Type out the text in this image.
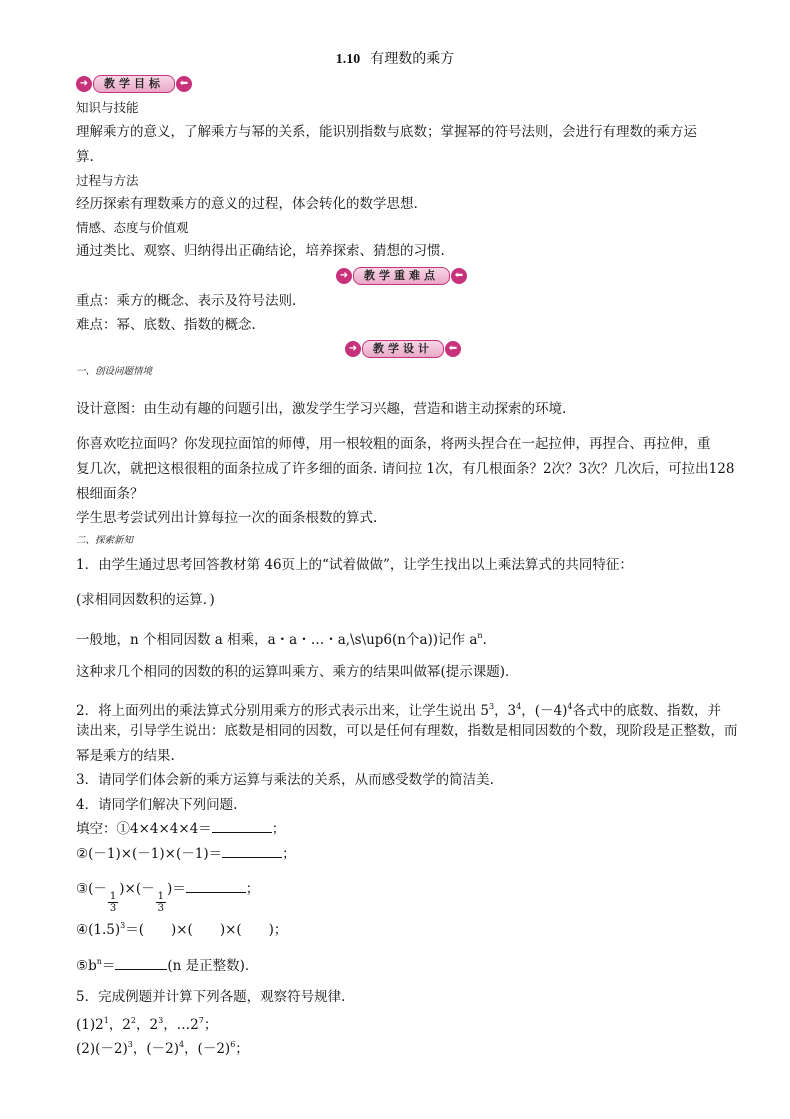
1.10 有理数的乘方
➜	教学目标	⬅
知识与技能
理解乘方的意义，了解乘方与幂的关系，能识别指数与底数；掌握幂的符号法则，会进行有理数的乘方运
算.
过程与方法
经历探索有理数乘方的意义的过程，体会转化的数学思想.
情感、态度与价值观
通过类比、观察、归纳得出正确结论，培养探索、猜想的习惯.
➜	教学重难点	⬅
重点：乘方的概念、表示及符号法则.
难点：幂、底数、指数的概念.
➜	教学设计	⬅
一、创设问题情境
设计意图：由生动有趣的问题引出，激发学生学习兴趣，营造和谐主动探索的环境.
你喜欢吃拉面吗？你发现拉面馆的师傅，用一根较粗的面条，将两头捏合在一起拉伸，再捏合、再拉伸，重
复几次，就把这根很粗的面条拉成了许多细的面条. 请问拉 1次，有几根面条？2次？3次？几次后，可拉出128
根细面条？
学生思考尝试列出计算每拉一次的面条根数的算式.
二、探索新知
1．由学生通过思考回答教材第 46页上的“试着做做”，让学生找出以上乘法算式的共同特征：
(求相同因数积的运算．)
一般地，n 个相同因数 a 相乘，a・a・…・a,\s\up6(n个a))记作 $a^n$.
这种求几个相同的因数的积的运算叫乘方、乘方的结果叫做幂(提示课题)．
2．将上面列出的乘法算式分别用乘方的形式表示出来，让学生说出 $5^3$，$3^4$，$(-4)^4$各式中的底数、指数，并
读出来，引导学生说出：底数是相同的因数，可以是任何有理数，指数是相同因数的个数，现阶段是正整数，而
幂是乘方的结果.
3．请同学们体会新的乘方运算与乘法的关系，从而感受数学的简洁美.
4．请同学们解决下列问题.
填空：①4×4×4×4＝	；
②(－1)×(－1)×(－1)＝	；
③(－
$\frac{1}{3}$
)×(－
$\frac{1}{3}$
)＝	；
$④(1.5)^3=$(　　)×(　　)×(　　)；
$⑤b^n=$	(n 是正整数)．
5．完成例题并计算下列各题，观察符号规律.
$(1)2^1$，$2^2$，$2^3$，$\dots 2^7$；
$(2)(-2)^3$，$(-2)^4$，$(-2)^6$；
